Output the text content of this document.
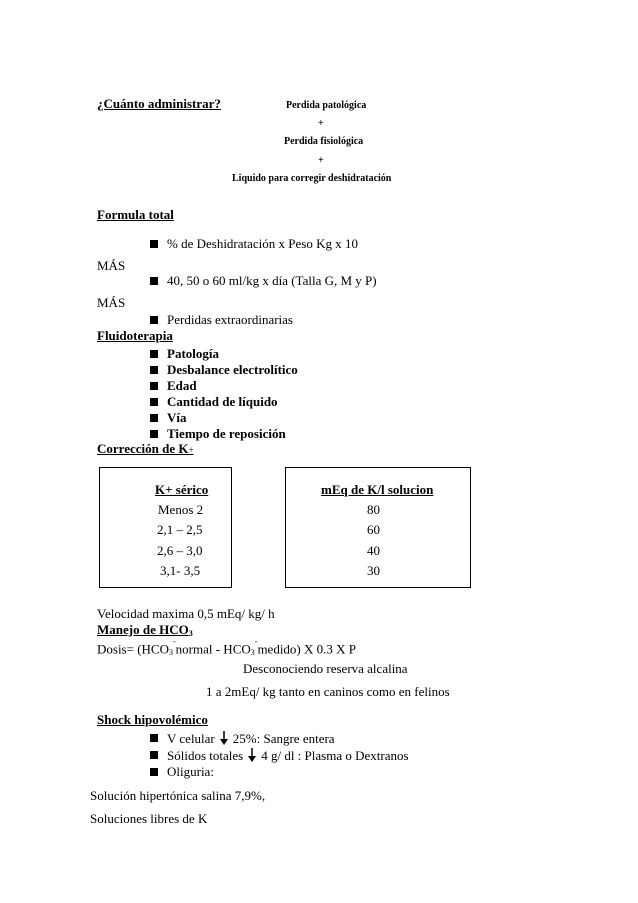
¿Cuánto administrar?	Perdida patológica
+
Perdida fisiológica
+
Liquido para corregir deshidratación
Formula total
% de Deshidratación x Peso Kg x 10
MÁS
40, 50 o 60 ml/kg x día (Talla G, M y P)
MÁS
Perdidas extraordinarias
Fluidoterapia
Patología
Desbalance electrolítico
Edad
Cantidad de líquido
Vía
Tiempo de reposición
Corrección de K+
K+ sérico	mEq de K/l solucion
Menos 2	80
2,1 – 2,5	60
2,6 – 3,0	40
3,1- 3,5	30
Velocidad maxima 0,5 mEq/ kg/ h
Manejo de $HCO_3$
Dosis= ($HCO_3^-normal$ - $HCO_3^-medido$) X 0.3 X P
Desconociendo reserva alcalina
1 a 2mEq/ kg tanto en caninos como en felinos
Shock hipovolémico
V celular 25%: Sangre entera
Sólidos totales 4 g/ dl : Plasma o Dextranos
Oliguria:
Solución hipertónica salina 7,9%,
Soluciones libres de K
